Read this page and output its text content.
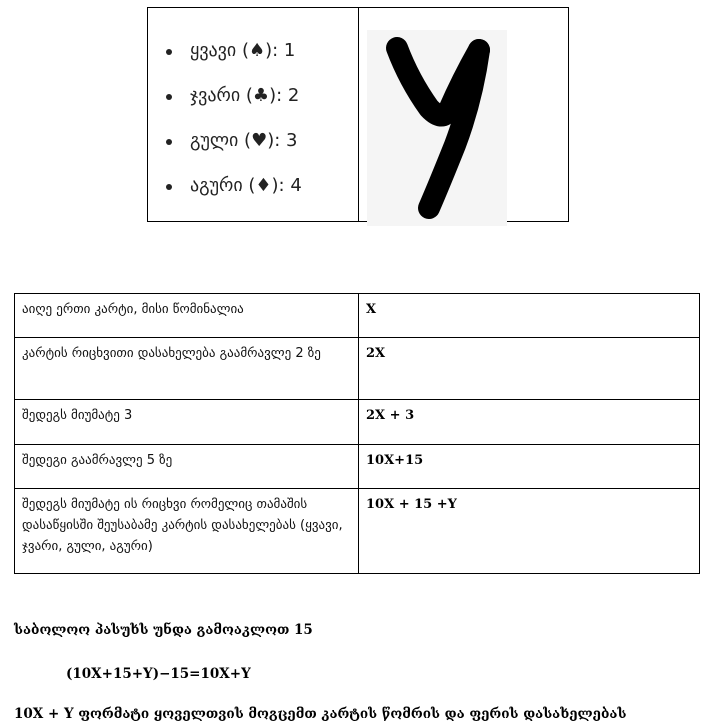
ყვავი (♠): 1
ჯვარი (♣): 2
გული (♥): 3
აგური (♦): 4
აიღე ერთი კარტი, მისი წომინალია	X
კარტის რიცხვითი დასახელება გაამრავლე 2 ზე	2X
შედეგს მიუმატე 3	2X + 3
შედეგი გაამრავლე 5 ზე	10X+15
შედეგს მიუმატე ის რიცხვი რომელიც თამაშის დასაწყისში შეუსაბამე კარტის დასახელებას (ყვავი, ჯვარი, გული, აგური)	10X + 15 +Y
საბოლოო პასუხს უნდა გამოაკლოთ 15
(10X+15+Y)−15=10X+Y
10X + Y ფორმატი ყოველთვის მოგცემთ კარტის წომრის და ფერის დასახელებას
